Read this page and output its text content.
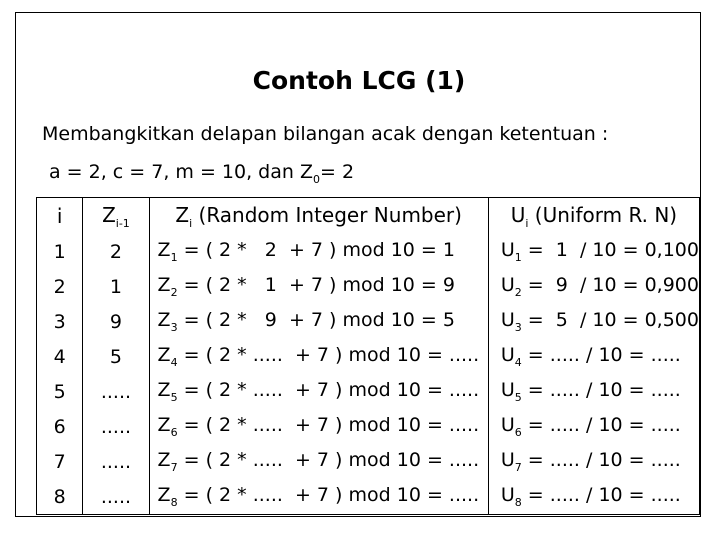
Contoh LCG (1)
Membangkitkan delapan bilangan acak dengan ketentuan :
a = 2, c = 7, m = 10, dan $Z_0= 2$
i	$Z_{i-1}$	$Z_i$ (Random Integer Number)	$U_i$ (Uniform R. N)
1	2	$Z_1$ = ( 2 *   2  + 7 ) mod 10 = 1	$U_1 = 1 / 10 = 0,100$
2	1	$Z_2$ = ( 2 *   1  + 7 ) mod 10 = 9	$U_2 = 9 / 10 = 0,900$
3	9	$Z_3$ = ( 2 *   9  + 7 ) mod 10 = 5	$U_3 = 5 / 10 = 0,500$
4	5	$Z_4$ = ( 2 * .....  + 7 ) mod 10 = .....	$U_4$ = ..... / 10 = .....
5	.....	$Z_5$ = ( 2 * .....  + 7 ) mod 10 = .....	$U_5$ = ..... / 10 = .....
6	.....	$Z_6$ = ( 2 * .....  + 7 ) mod 10 = .....	$U_6$ = ..... / 10 = .....
7	.....	$Z_7$ = ( 2 * .....  + 7 ) mod 10 = .....	$U_7$ = ..... / 10 = .....
8	.....	$Z_8$ = ( 2 * .....  + 7 ) mod 10 = .....	$U_8$ = ..... / 10 = .....
